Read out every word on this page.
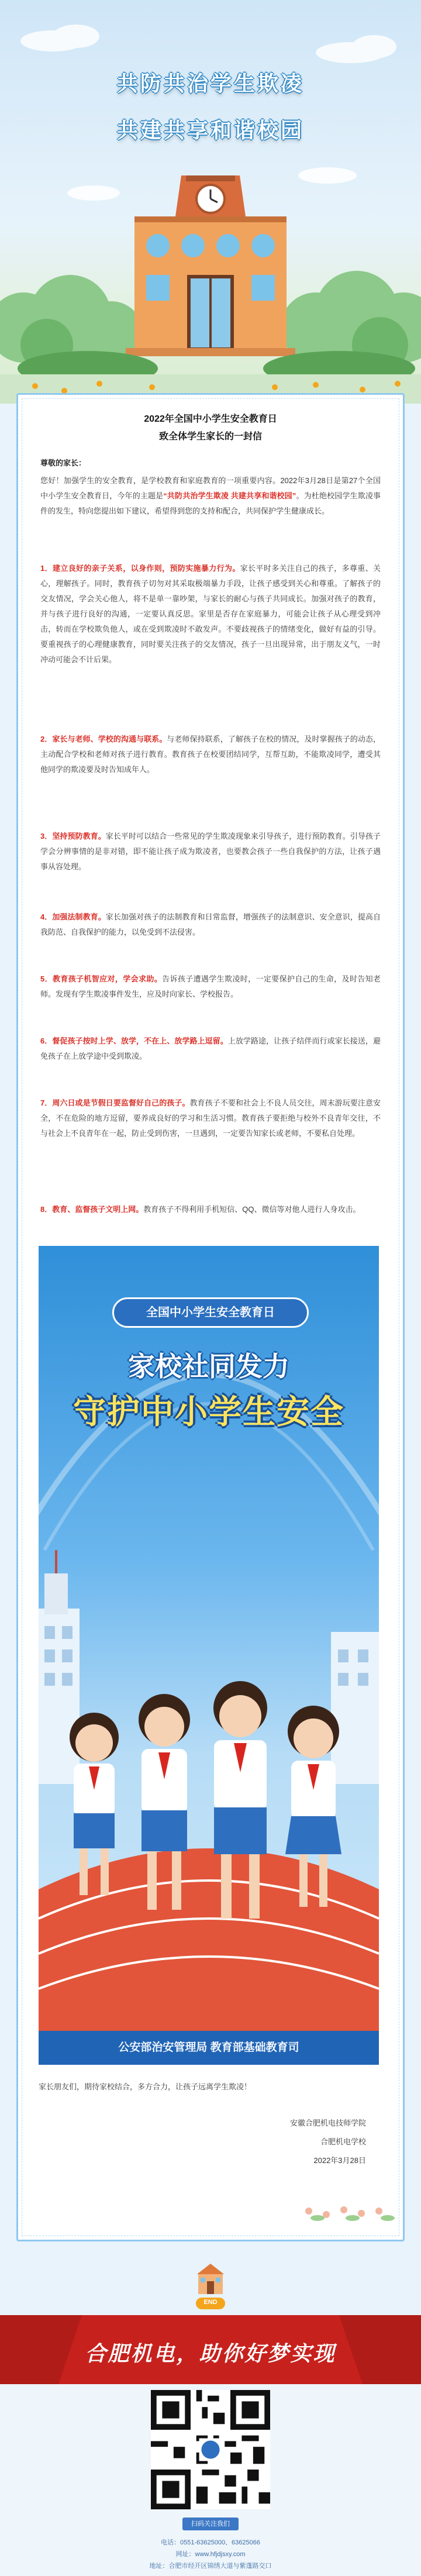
共防共治学生欺凌
共建共享和谐校园
2022年全国中小学生安全教育日
致全体学生家长的一封信
尊敬的家长：
您好！加强学生的安全教育，是学校教育和家庭教育的一项重要内容。2022年3月28日是第27个全国中小学生安全教育日，今年的主题是“共防共治学生欺凌 共建共享和谐校园”。为杜绝校园学生欺凌事件的发生，特向您提出如下建议，希望得到您的支持和配合，共同保护学生健康成长。
1．建立良好的亲子关系，以身作则，预防实施暴力行为。家长平时多关注自己的孩子，多尊重、关心，理解孩子。同时，教育孩子切勿对其采取极端暴力手段，让孩子感受到关心和尊重。了解孩子的交友情况，学会关心他人，将不是单一靠吵架，与家长的耐心与孩子共同成长。加强对孩子的教育，并与孩子进行良好的沟通，一定要认真反思。家里是否存在家庭暴力，可能会让孩子从心理受到冲击，转而在学校欺负他人，或在受到欺凌时不敢发声。不要歧视孩子的情绪变化，做好有益的引导。要重视孩子的心理健康教育，同时要关注孩子的交友情况，孩子一旦出现异常，出于朋友义气，一时冲动可能会不计后果。
2．家长与老师、学校的沟通与联系。与老师保持联系，了解孩子在校的情况，及时掌握孩子的动态，主动配合学校和老师对孩子进行教育。教育孩子在校要团结同学，互帮互助，不能欺凌同学，遭受其他同学的欺凌要及时告知成年人。
3．坚持预防教育。家长平时可以结合一些常见的学生欺凌现象来引导孩子，进行预防教育。引导孩子学会分辨事情的是非对错，即不能让孩子成为欺凌者，也要教会孩子一些自我保护的方法，让孩子遇事从容处理。
4．加强法制教育。家长加强对孩子的法制教育和日常监督，增强孩子的法制意识、安全意识，提高自我防范、自我保护的能力，以免受到不法侵害。
5．教育孩子机智应对，学会求助。告诉孩子遭遇学生欺凌时，一定要保护自己的生命，及时告知老师。发现有学生欺凌事件发生，应及时向家长、学校报告。
6．督促孩子按时上学、放学，不在上、放学路上逗留。上放学路途，让孩子结伴而行或家长接送，避免孩子在上放学途中受到欺凌。
7．周六日或是节假日要监督好自己的孩子。教育孩子不要和社会上不良人员交往，周末游玩要注意安全，不在危险的地方逗留，要养成良好的学习和生活习惯。教育孩子要拒绝与校外不良青年交往，不与社会上不良青年在一起，防止受到伤害，一旦遇到，一定要告知家长或老师，不要私自处理。
8．教育、监督孩子文明上网。教育孩子不得利用手机短信、QQ、微信等对他人进行人身攻击。
全国中小学生安全教育日
家校社同发力
守护中小学生安全
公安部治安管理局 教育部基础教育司
家长朋友们，期待家校结合，多方合力，让孩子远离学生欺凌！
安徽合肥机电技师学院
合肥机电学校
2022年3月28日
END
合肥机电，助你好梦实现
扫码关注我们
电话：0551-63625000、63625066
网址：www.hfjdjsxy.com
地址：合肥市经开区锦绣大道与紫蓬路交口
